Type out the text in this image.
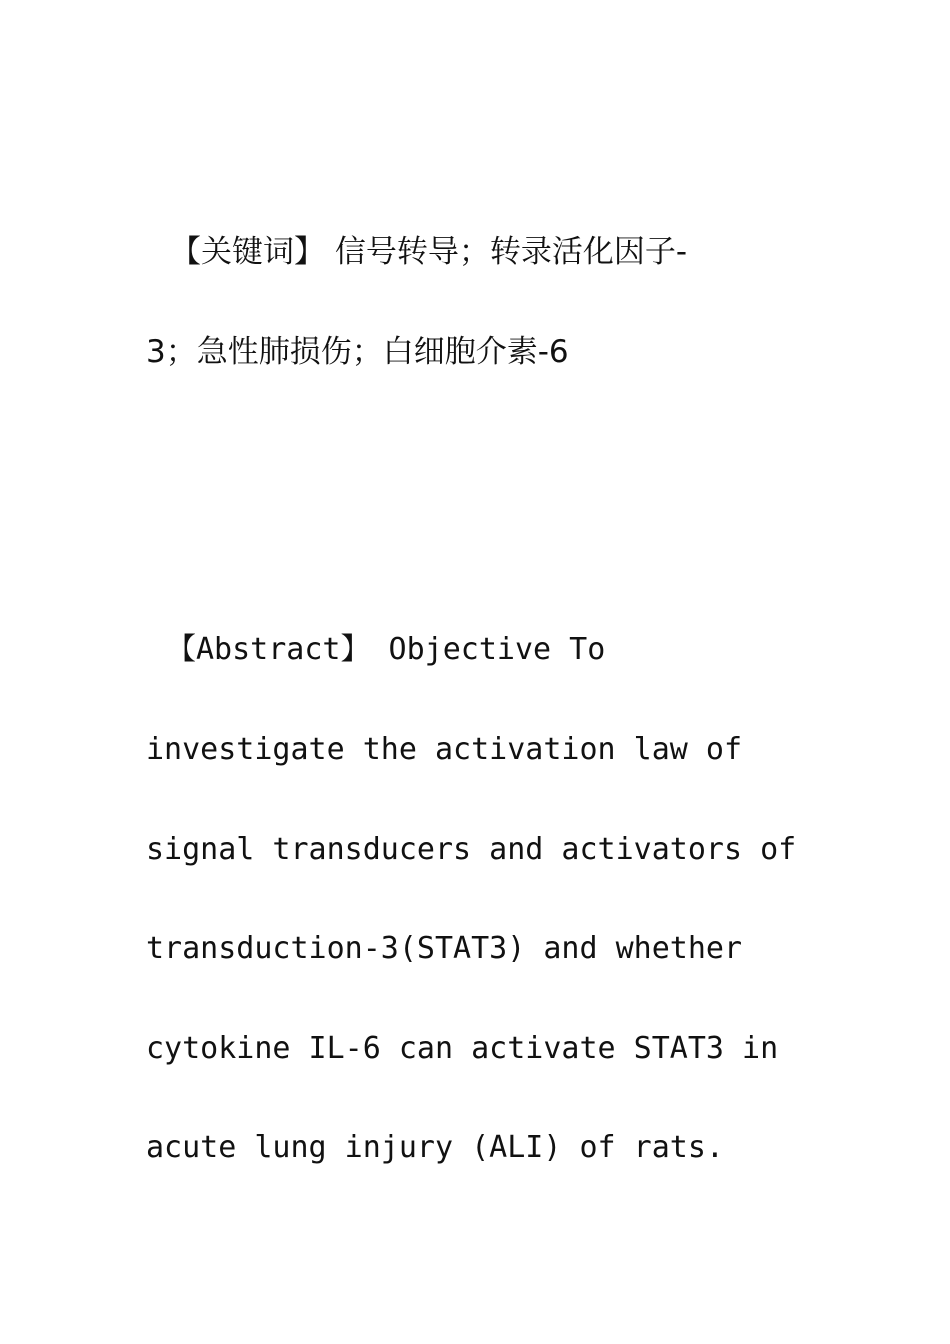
【关键词】 信号转导；转录活化因子-

3；急性肺损伤；白细胞介素-6

【Abstract】 Objective To

investigate the activation law of

signal transducers and activators of

transduction-3(STAT3) and whether

cytokine IL-6 can activate STAT3 in

acute lung injury (ALI) of rats.
